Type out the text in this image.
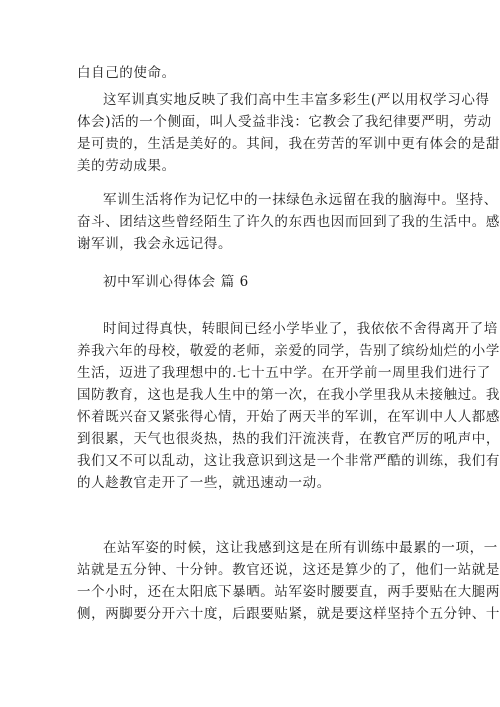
白自己的使命。
这军训真实地反映了我们高中生丰富多彩生(严以用权学习心得
体会)活的一个侧面，叫人受益非浅：它教会了我纪律要严明，劳动
是可贵的，生活是美好的。其间，我在劳苦的军训中更有体会的是甜
美的劳动成果。
军训生活将作为记忆中的一抹绿色永远留在我的脑海中。坚持、
奋斗、团结这些曾经陌生了许久的东西也因而回到了我的生活中。感
谢军训，我会永远记得。
初中军训心得体会 篇 6
时间过得真快，转眼间已经小学毕业了，我依依不舍得离开了培
养我六年的母校，敬爱的老师，亲爱的同学，告别了缤纷灿烂的小学
生活，迈进了我理想中的.七十五中学。在开学前一周里我们进行了
国防教育，这也是我人生中的第一次，在我小学里我从未接触过。我
怀着既兴奋又紧张得心情，开始了两天半的军训，在军训中人人都感
到很累，天气也很炎热，热的我们汗流浃背，在教官严厉的吼声中，
我们又不可以乱动，这让我意识到这是一个非常严酷的训练，我们有
的人趁教官走开了一些，就迅速动一动。
在站军姿的时候，这让我感到这是在所有训练中最累的一项，一
站就是五分钟、十分钟。教官还说，这还是算少的了，他们一站就是
一个小时，还在太阳底下暴晒。站军姿时腰要直，两手要贴在大腿两
侧，两脚要分开六十度，后跟要贴紧，就是要这样坚持个五分钟、十
